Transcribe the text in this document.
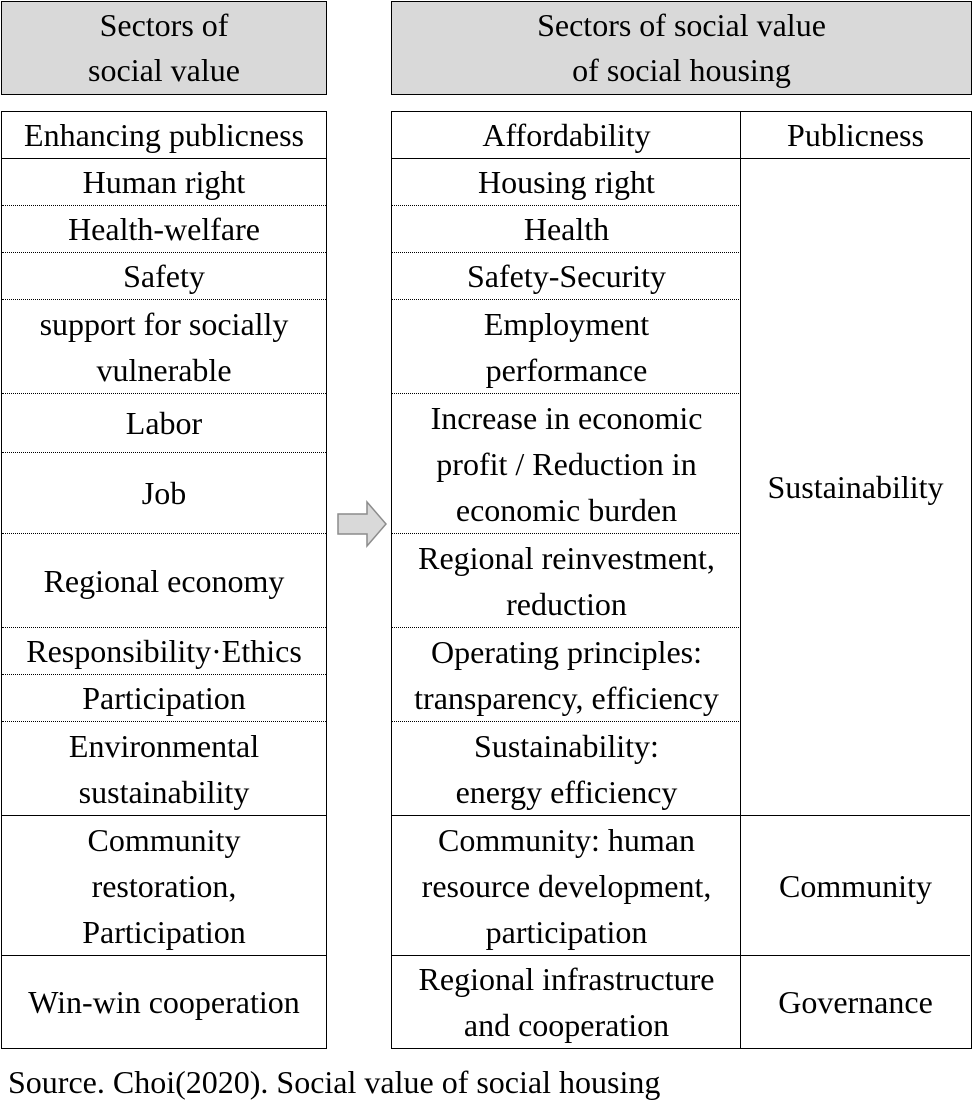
Sectors of
social value
Sectors of social value
of social housing
Enhancing publicness
Human right
Health-welfare
Safety
support for socially
vulnerable
Labor
Job
Regional economy
Responsibility·Ethics
Participation
Environmental
sustainability
Community
restoration,
Participation
Win-win cooperation
Affordability
Housing right
Health
Safety-Security
Employment
performance
Increase in economic
profit / Reduction in
economic burden
Regional reinvestment,
reduction
Operating principles:
transparency, efficiency
Sustainability:
energy efficiency
Community: human
resource development,
participation
Regional infrastructure
and cooperation
Publicness
Sustainability
Community
Governance
Source. Choi(2020). Social value of social housing
